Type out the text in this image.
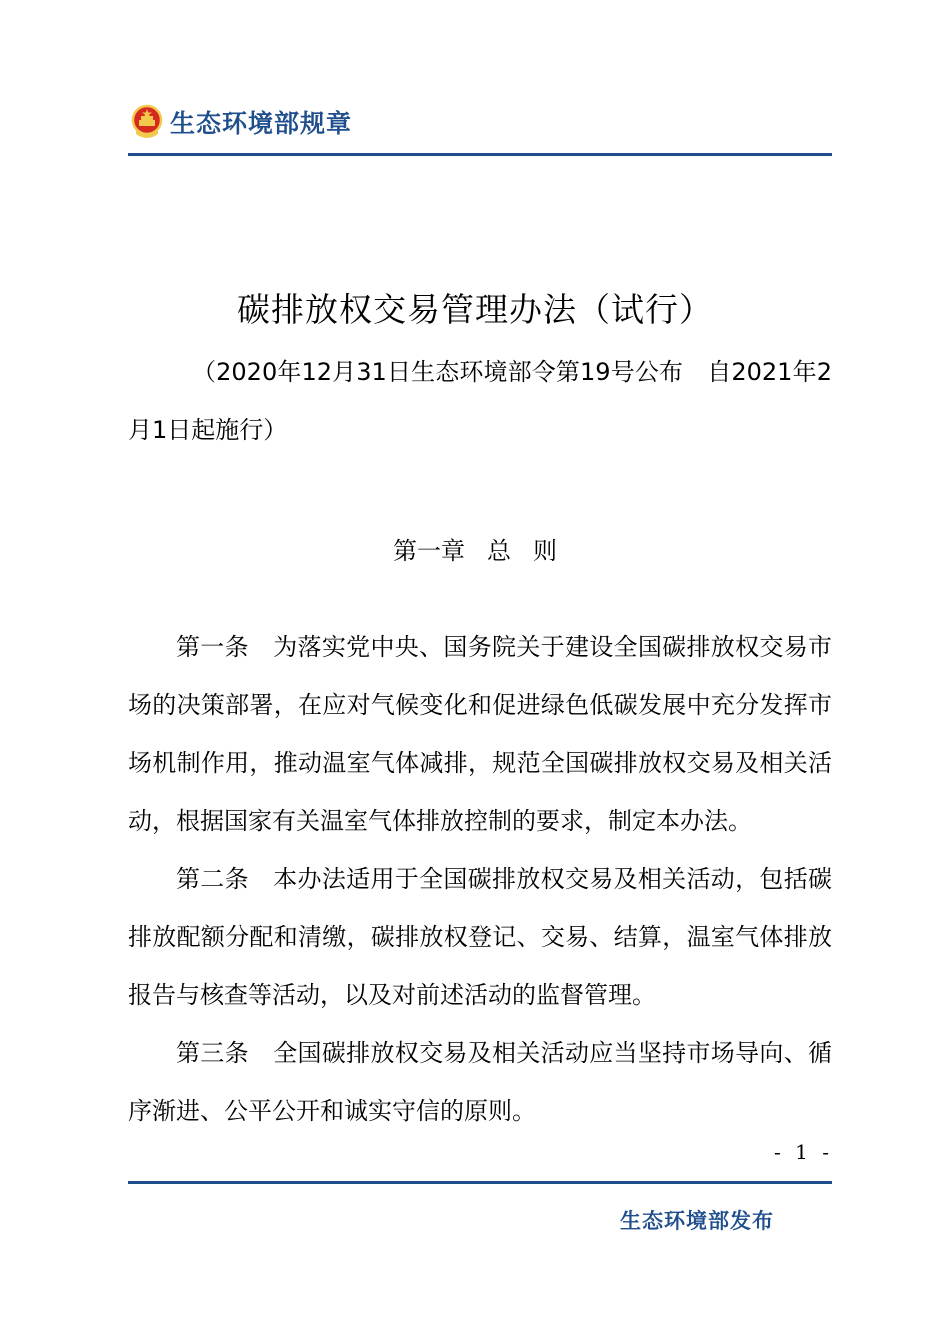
生态环境部规章
碳排放权交易管理办法（试行）
（2020年12月31日生态环境部令第19号公布　自2021年2月1日起施行）
第一章 总 则

第一条　 为落实党中央、国务院关于建设全国碳排放权交易市场的决策部署，在应对气候变化和促进绿色低碳发展中充分发挥市场机制作用，推动温室气体减排，规范全国碳排放权交易及相关活动，根据国家有关温室气体排放控制的要求，制定本办法。

第二条　 本办法适用于全国碳排放权交易及相关活动，包括碳排放配额分配和清缴，碳排放权登记、交易、结算，温室气体排放报告与核查等活动，以及对前述活动的监督管理。

第三条　 全国碳排放权交易及相关活动应当坚持市场导向、循序渐进、公平公开和诚实守信的原则。

- 1 -
生态环境部发布
